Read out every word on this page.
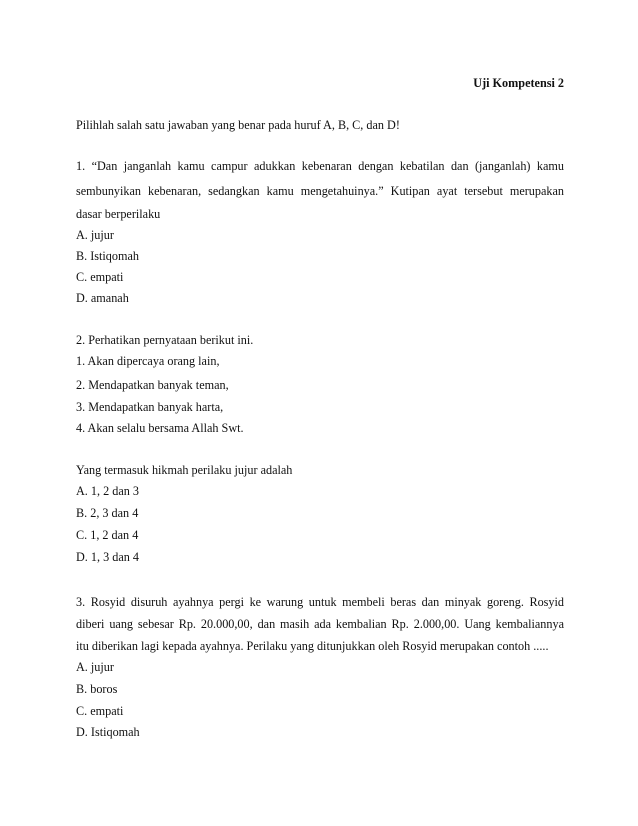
Uji Kompetensi 2
Pilihlah salah satu jawaban yang benar pada huruf A, B, C, dan D!
1. “Dan janganlah kamu campur adukkan kebenaran dengan kebatilan dan (janganlah) kamu
sembunyikan kebenaran, sedangkan kamu mengetahuinya.” Kutipan ayat tersebut merupakan
dasar berperilaku
A. jujur
B. Istiqomah
C. empati
D. amanah
2. Perhatikan pernyataan berikut ini.
1. Akan dipercaya orang lain,
2. Mendapatkan banyak teman,
3. Mendapatkan banyak harta,
4. Akan selalu bersama Allah Swt.
Yang termasuk hikmah perilaku jujur adalah
A. 1, 2 dan 3
B. 2, 3 dan 4
C. 1, 2 dan 4
D. 1, 3 dan 4
3. Rosyid disuruh ayahnya pergi ke warung untuk membeli beras dan minyak goreng. Rosyid
diberi uang sebesar Rp. 20.000,00, dan masih ada kembalian Rp. 2.000,00. Uang kembaliannya
itu diberikan lagi kepada ayahnya. Perilaku yang ditunjukkan oleh Rosyid merupakan contoh .....
A. jujur
B. boros
C. empati
D. Istiqomah
